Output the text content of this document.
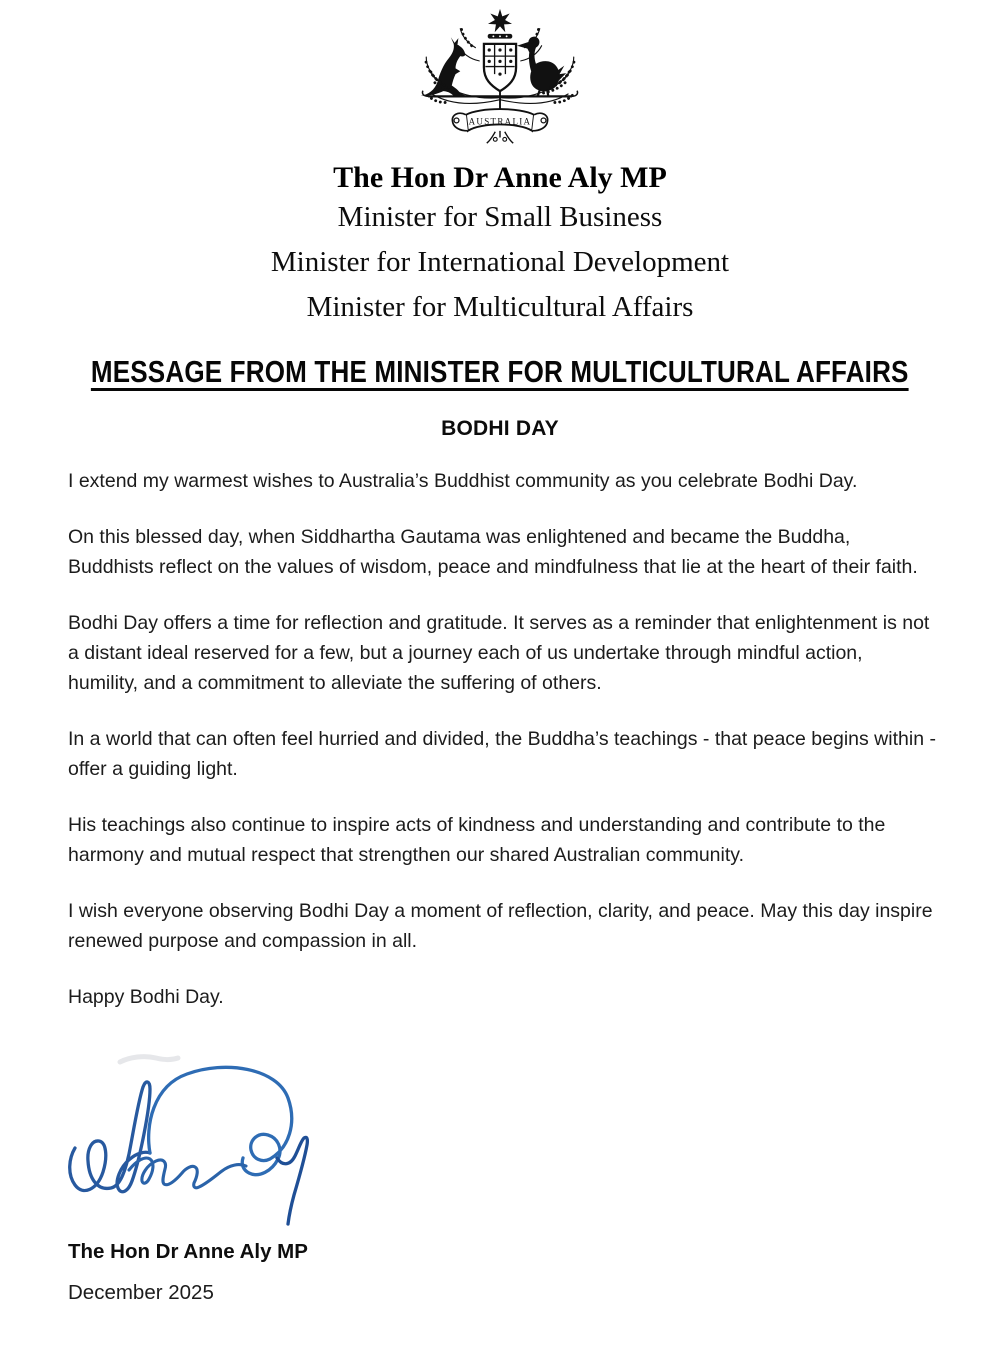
AUSTRALIA
The Hon Dr Anne Aly MP
Minister for Small Business
Minister for International Development
Minister for Multicultural Affairs
MESSAGE FROM THE MINISTER FOR MULTICULTURAL AFFAIRS
BODHI DAY
I extend my warmest wishes to Australia’s Buddhist community as you celebrate Bodhi Day.
On this blessed day, when Siddhartha Gautama was enlightened and became the Buddha, Buddhists reflect on the values of wisdom, peace and mindfulness that lie at the heart of their faith.
Bodhi Day offers a time for reflection and gratitude. It serves as a reminder that enlightenment is not a distant ideal reserved for a few, but a journey each of us undertake through mindful action, humility, and a commitment to alleviate the suffering of others.
In a world that can often feel hurried and divided, the Buddha’s teachings - that peace begins within - offer a guiding light.
His teachings also continue to inspire acts of kindness and understanding and contribute to the harmony and mutual respect that strengthen our shared Australian community.
I wish everyone observing Bodhi Day a moment of reflection, clarity, and peace. May this day inspire renewed purpose and compassion in all.
Happy Bodhi Day.
The Hon Dr Anne Aly MP
December 2025
